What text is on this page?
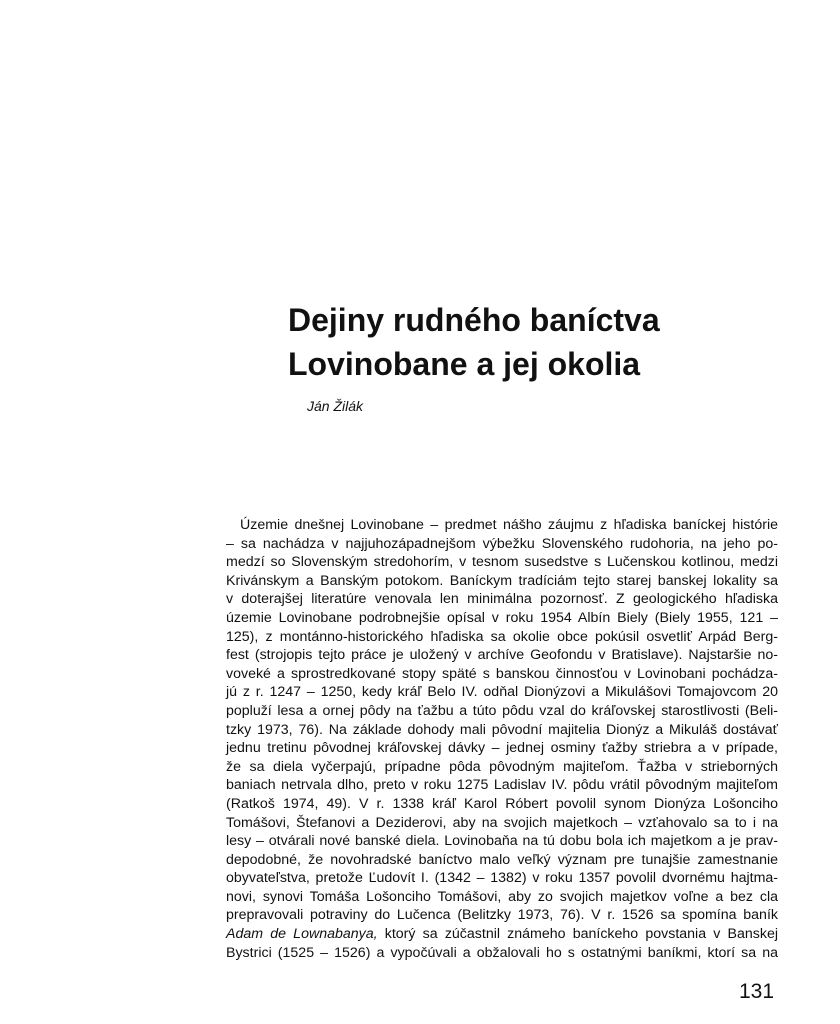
Dejiny rudného baníctva
Lovinobane a jej okolia
Ján Žilák
Územie dnešnej Lovinobane – predmet nášho záujmu z hľadiska baníckej histórie
– sa nachádza v najjuhozápadnejšom výbežku Slovenského rudohoria, na jeho po-
medzí so Slovenským stredohorím, v tesnom susedstve s Lučenskou kotlinou, medzi
Krivánskym a Banským potokom. Baníckym tradíciám tejto starej banskej lokality sa
v doterajšej literatúre venovala len minimálna pozornosť. Z geologického hľadiska
územie Lovinobane podrobnejšie opísal v roku 1954 Albín Biely (Biely 1955, 121 –
125), z montánno-historického hľadiska sa okolie obce pokúsil osvetliť Arpád Berg-
fest (strojopis tejto práce je uložený v archíve Geofondu v Bratislave). Najstaršie no-
voveké a sprostredkované stopy späté s banskou činnosťou v Lovinobani pochádza-
jú z r. 1247 – 1250, kedy kráľ Belo IV. odňal Dionýzovi a Mikulášovi Tomajovcom 20
popluží lesa a ornej pôdy na ťažbu a túto pôdu vzal do kráľovskej starostlivosti (Beli-
tzky 1973, 76). Na základe dohody mali pôvodní majitelia Dionýz a Mikuláš dostávať
jednu tretinu pôvodnej kráľovskej dávky – jednej osminy ťažby striebra a v prípade,
že sa diela vyčerpajú, prípadne pôda pôvodným majiteľom. Ťažba v strieborných
baniach netrvala dlho, preto v roku 1275 Ladislav IV. pôdu vrátil pôvodným majiteľom
(Ratkoš 1974, 49). V r. 1338 kráľ Karol Róbert povolil synom Dionýza Lošonciho
Tomášovi, Štefanovi a Deziderovi, aby na svojich majetkoch – vzťahovalo sa to i na
lesy – otvárali nové banské diela. Lovinobaňa na tú dobu bola ich majetkom a je prav-
depodobné, že novohradské baníctvo malo veľký význam pre tunajšie zamestnanie
obyvateľstva, pretože Ľudovít I. (1342 – 1382) v roku 1357 povolil dvornému hajtma-
novi, synovi Tomáša Lošonciho Tomášovi, aby zo svojich majetkov voľne a bez cla
prepravovali potraviny do Lučenca (Belitzky 1973, 76). V r. 1526 sa spomína baník
Adam de Lownabanya, ktorý sa zúčastnil známeho baníckeho povstania v Banskej
Bystrici (1525 – 1526) a vypočúvali a obžalovali ho s ostatnými baníkmi, ktorí sa na
131
